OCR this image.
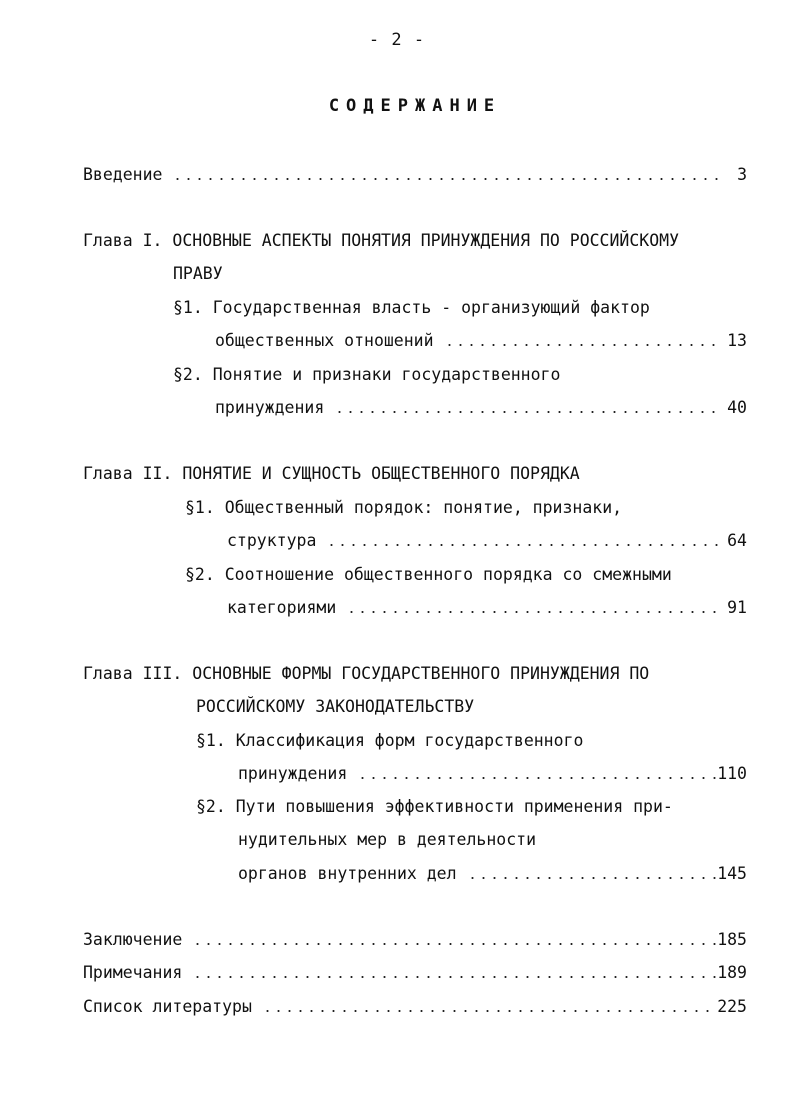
- 2 -
СОДЕРЖАНИЕ
Введение	3
Глава I. ОСНОВНЫЕ АСПЕКТЫ ПОНЯТИЯ ПРИНУЖДЕНИЯ ПО РОССИЙСКОМУ
ПРАВУ
§1. Государственная власть - организующий фактор
общественных отношений	13
§2. Понятие и признаки государственного
принуждения	40
Глава II. ПОНЯТИЕ И СУЩНОСТЬ ОБЩЕСТВЕННОГО ПОРЯДКА
§1. Общественный порядок: понятие, признаки,
структура	64
§2. Соотношение общественного порядка со смежными
категориями	91
Глава III. ОСНОВНЫЕ ФОРМЫ ГОСУДАРСТВЕННОГО ПРИНУЖДЕНИЯ ПО
РОССИЙСКОМУ ЗАКОНОДАТЕЛЬСТВУ
§1. Классификация форм государственного
принуждения	110
§2. Пути повышения эффективности применения при-
нудительных мер в деятельности
органов внутренних дел	145
Заключение	185
Примечания	189
Список литературы	225
